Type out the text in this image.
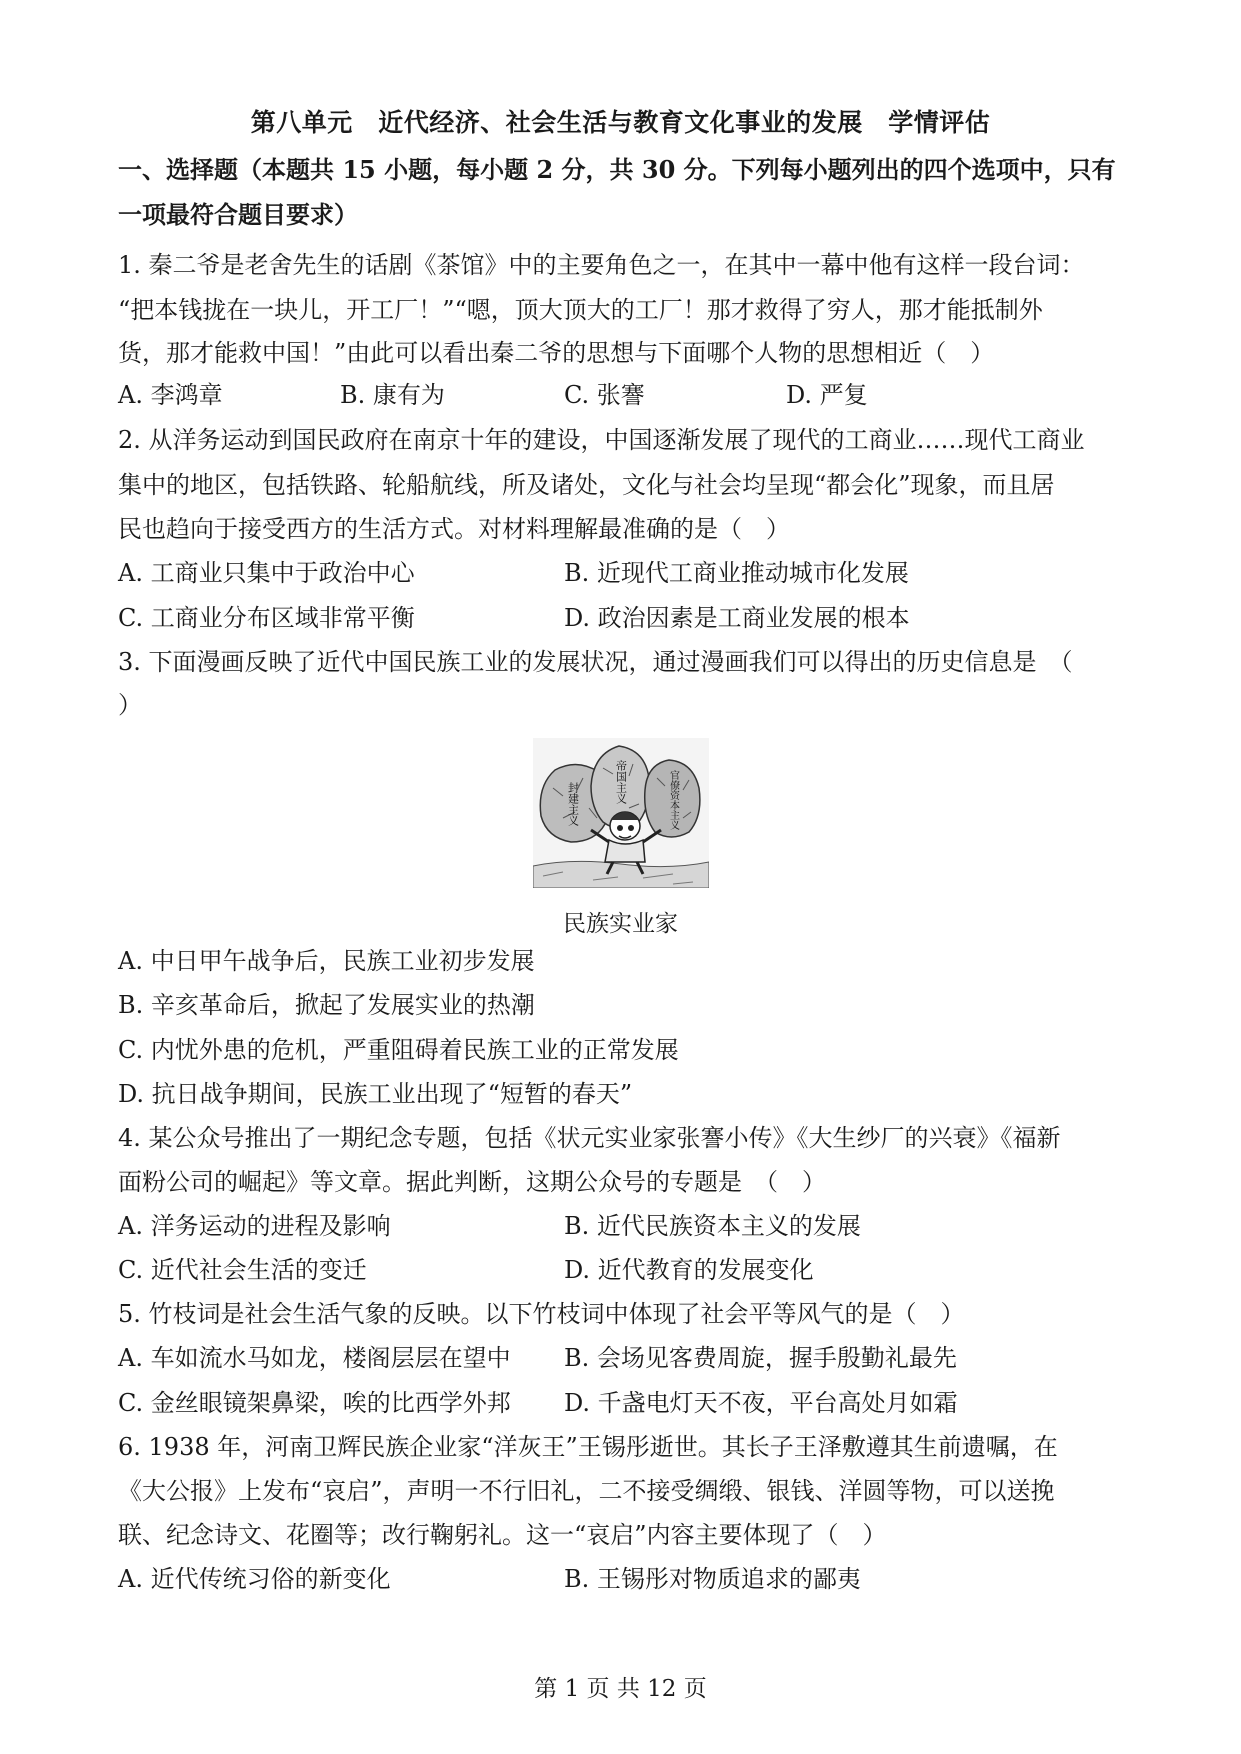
第八单元　近代经济、社会生活与教育文化事业的发展　学情评估
一、选择题（本题共 15 小题，每小题 2 分，共 30 分。下列每小题列出的四个选项中，只有
一项最符合题目要求）
1. 秦二爷是老舍先生的话剧《茶馆》中的主要角色之一，在其中一幕中他有这样一段台词：
“把本钱拢在一块儿，开工厂！”“嗯，顶大顶大的工厂！那才救得了穷人，那才能抵制外
货，那才能救中国！”由此可以看出秦二爷的思想与下面哪个人物的思想相近（　）
A. 李鸿章	B. 康有为	C. 张謇	D. 严复
2. 从洋务运动到国民政府在南京十年的建设，中国逐渐发展了现代的工商业……现代工商业
集中的地区，包括铁路、轮船航线，所及诸处，文化与社会均呈现“都会化”现象，而且居
民也趋向于接受西方的生活方式。对材料理解最准确的是（　）
A. 工商业只集中于政治中心	B. 近现代工商业推动城市化发展
C. 工商业分布区域非常平衡	D. 政治因素是工商业发展的根本
3. 下面漫画反映了近代中国民族工业的发展状况，通过漫画我们可以得出的历史信息是　（
）
封建主义	帝国主义	官僚资本主义
民族实业家
A. 中日甲午战争后，民族工业初步发展
B. 辛亥革命后，掀起了发展实业的热潮
C. 内忧外患的危机，严重阻碍着民族工业的正常发展
D. 抗日战争期间，民族工业出现了“短暂的春天”
4. 某公众号推出了一期纪念专题，包括《状元实业家张謇小传》《大生纱厂的兴衰》《福新
面粉公司的崛起》等文章。据此判断，这期公众号的专题是　（　）
A. 洋务运动的进程及影响	B. 近代民族资本主义的发展
C. 近代社会生活的变迁	D. 近代教育的发展变化
5. 竹枝词是社会生活气象的反映。以下竹枝词中体现了社会平等风气的是（　）
A. 车如流水马如龙，楼阁层层在望中 B. 会场见客费周旋，握手殷勤礼最先
C. 金丝眼镜架鼻梁，唉的比西学外邦 D. 千盏电灯天不夜，平台高处月如霜
6. 1938 年，河南卫辉民族企业家“洋灰王”王锡彤逝世。其长子王泽敷遵其生前遗嘱，在
《大公报》上发布“哀启”，声明一不行旧礼，二不接受绸缎、银钱、洋圆等物，可以送挽
联、纪念诗文、花圈等；改行鞠躬礼。这一“哀启”内容主要体现了（　）
A. 近代传统习俗的新变化	B. 王锡彤对物质追求的鄙夷
第 1 页 共 12 页
